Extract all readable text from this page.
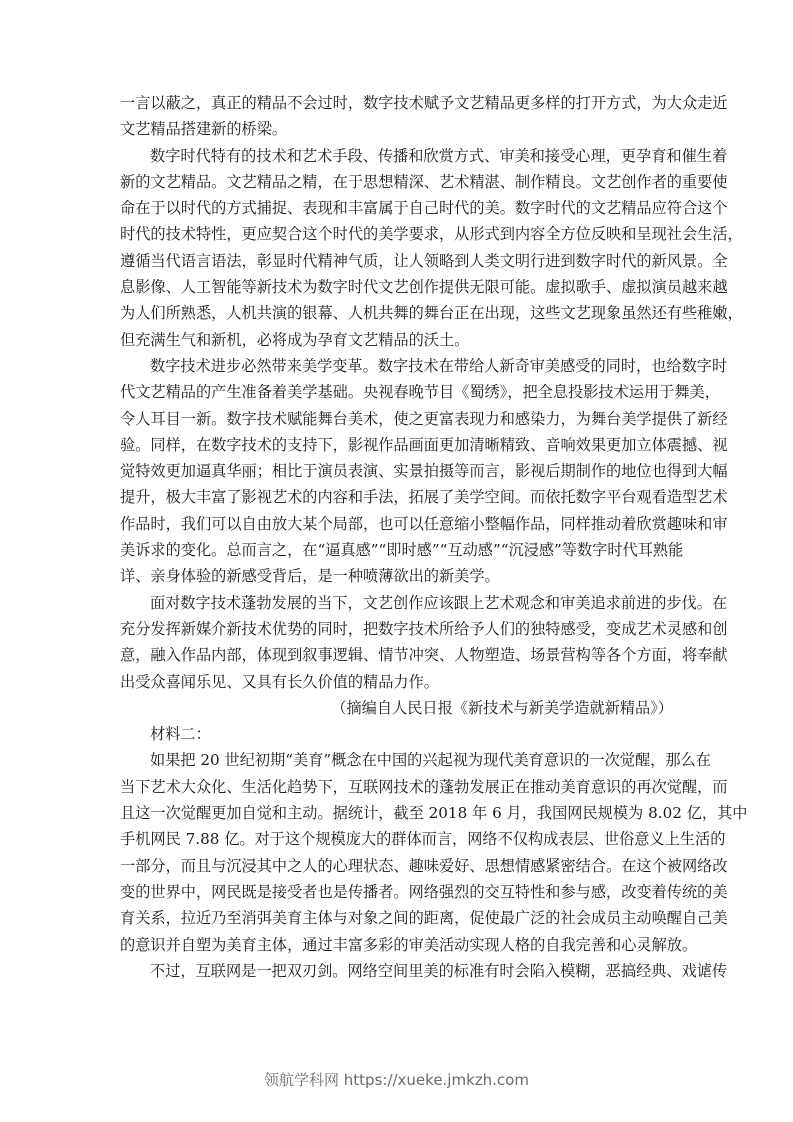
一言以蔽之，真正的精品不会过时，数字技术赋予文艺精品更多样的打开方式，为大众走近
文艺精品搭建新的桥梁。
数字时代特有的技术和艺术手段、传播和欣赏方式、审美和接受心理，更孕育和催生着
新的文艺精品。文艺精品之精，在于思想精深、艺术精湛、制作精良。文艺创作者的重要使
命在于以时代的方式捕捉、表现和丰富属于自己时代的美。数字时代的文艺精品应符合这个
时代的技术特性，更应契合这个时代的美学要求，从形式到内容全方位反映和呈现社会生活，
遵循当代语言语法，彰显时代精神气质，让人领略到人类文明行进到数字时代的新风景。全
息影像、人工智能等新技术为数字时代文艺创作提供无限可能。虚拟歌手、虚拟演员越来越
为人们所熟悉，人机共演的银幕、人机共舞的舞台正在出现，这些文艺现象虽然还有些稚嫩，
但充满生气和新机，必将成为孕育文艺精品的沃土。
数字技术进步必然带来美学变革。数字技术在带给人新奇审美感受的同时，也给数字时
代文艺精品的产生准备着美学基础。央视春晚节目《蜀绣》，把全息投影技术运用于舞美，
令人耳目一新。数字技术赋能舞台美术，使之更富表现力和感染力，为舞台美学提供了新经
验。同样，在数字技术的支持下，影视作品画面更加清晰精致、音响效果更加立体震撼、视
觉特效更加逼真华丽；相比于演员表演、实景拍摄等而言，影视后期制作的地位也得到大幅
提升，极大丰富了影视艺术的内容和手法，拓展了美学空间。而依托数字平台观看造型艺术
作品时，我们可以自由放大某个局部，也可以任意缩小整幅作品，同样推动着欣赏趣味和审
美诉求的变化。总而言之，在“逼真感”“即时感”“互动感”“沉浸感”等数字时代耳熟能
详、亲身体验的新感受背后，是一种喷薄欲出的新美学。
面对数字技术蓬勃发展的当下，文艺创作应该跟上艺术观念和审美追求前进的步伐。在
充分发挥新媒介新技术优势的同时，把数字技术所给予人们的独特感受，变成艺术灵感和创
意，融入作品内部，体现到叙事逻辑、情节冲突、人物塑造、场景营构等各个方面，将奉献
出受众喜闻乐见、又具有长久价值的精品力作。
（摘编自人民日报《新技术与新美学造就新精品》）
材料二：
如果把 20 世纪初期“美育”概念在中国的兴起视为现代美育意识的一次觉醒，那么在
当下艺术大众化、生活化趋势下，互联网技术的蓬勃发展正在推动美育意识的再次觉醒，而
且这一次觉醒更加自觉和主动。据统计，截至 2018 年 6 月，我国网民规模为 8.02 亿，其中
手机网民 7.88 亿。对于这个规模庞大的群体而言，网络不仅构成表层、世俗意义上生活的
一部分，而且与沉浸其中之人的心理状态、趣味爱好、思想情感紧密结合。在这个被网络改
变的世界中，网民既是接受者也是传播者。网络强烈的交互特性和参与感，改变着传统的美
育关系，拉近乃至消弭美育主体与对象之间的距离，促使最广泛的社会成员主动唤醒自己美
的意识并自塑为美育主体，通过丰富多彩的审美活动实现人格的自我完善和心灵解放。
不过，互联网是一把双刃剑。网络空间里美的标准有时会陷入模糊，恶搞经典、戏谑传
领航学科网 https://xueke.jmkzh.com
